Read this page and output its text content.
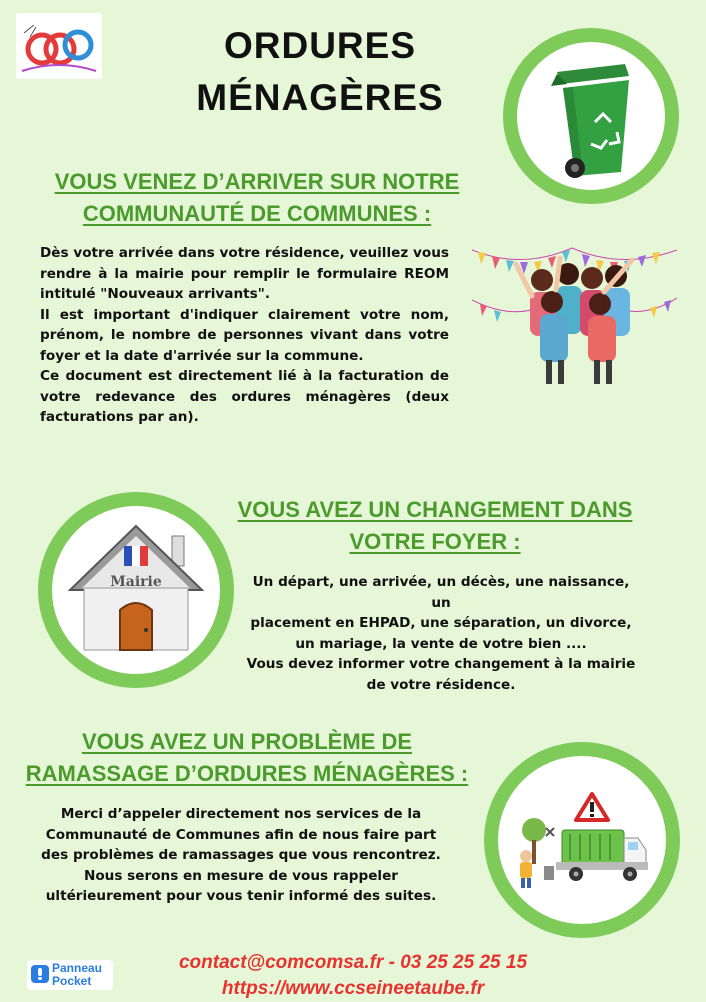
ORDURES
MÉNAGÈRES
VOUS VENEZ D’ARRIVER SUR NOTRE
COMMUNAUTÉ DE COMMUNES :
Dès votre arrivée dans votre résidence, veuillez vous rendre à la mairie pour remplir le formulaire REOM intitulé "Nouveaux arrivants".
Il est important d'indiquer clairement votre nom, prénom, le nombre de personnes vivant dans votre foyer et la date d'arrivée sur la commune.
Ce document est directement lié à la facturation de votre redevance des ordures ménagères (deux facturations par an).
Mairie
VOUS AVEZ UN CHANGEMENT DANS
VOTRE FOYER :
Un départ, une arrivée, un décès, une naissance, un
placement en EHPAD, une séparation, un divorce,
un mariage, la vente de votre bien ....
Vous devez informer votre changement à la mairie
de votre résidence.
VOUS AVEZ UN PROBLÈME DE
RAMASSAGE D’ORDURES MÉNAGÈRES :
Merci d’appeler directement nos services de la
Communauté de Communes afin de nous faire part
des problèmes de ramassages que vous rencontrez.
Nous serons en mesure de vous rappeler
ultérieurement pour vous tenir informé des suites.
Panneau
Pocket
contact@comcomsa.fr - 03 25 25 25 15
https://www.ccseineetaube.fr
